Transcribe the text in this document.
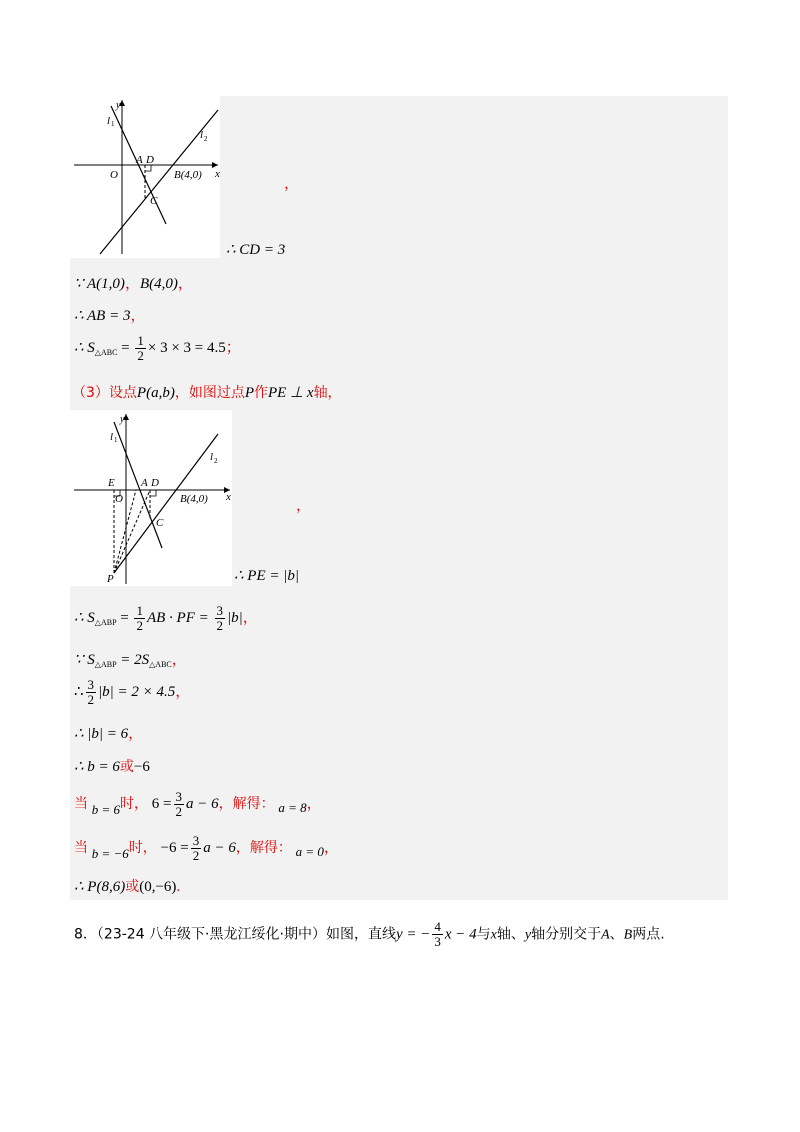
y
x
l 1
l 2
O
A D
B(4,0)
C
，
∴ CD = 3
∵ A(1,0)，B(4,0)，
∴ AB = 3，
∴ $S_{\triangle ABC} = \frac{1}{2} \times 3 \times 3 = 4.5$；
（3）设点P(a,b)，如图过点P作PE ⊥ x轴，
y
x
l 1
l 2
E
O
A D
B(4,0)
C
P
，
∴ PE = |b|
∴ $S_{\triangle ABP} = \frac{1}{2}$ AB · PF = $\frac{3}{2} |b|$，
∵ $S_{\triangle ABP} = 2S_{\triangle ABC}$，
∴ $\frac{3}{2} |b| = 2 \times 4.5$，
∴ |b| = 6，
∴ b = 6或−6
当 b = 6时， $6 = \frac{3}{2}$ a − 6，解得： a = 8，
当 b = −6时， $-6 = \frac{3}{2}$ a − 6，解得： a = 0，
∴ P(8,6)或(0,−6).
8．（23-24 八年级下·黑龙江绥化·期中）如图，直线y = − $\frac{4}{3}$ x − 4与x轴、y轴分别交于A、B两点.
